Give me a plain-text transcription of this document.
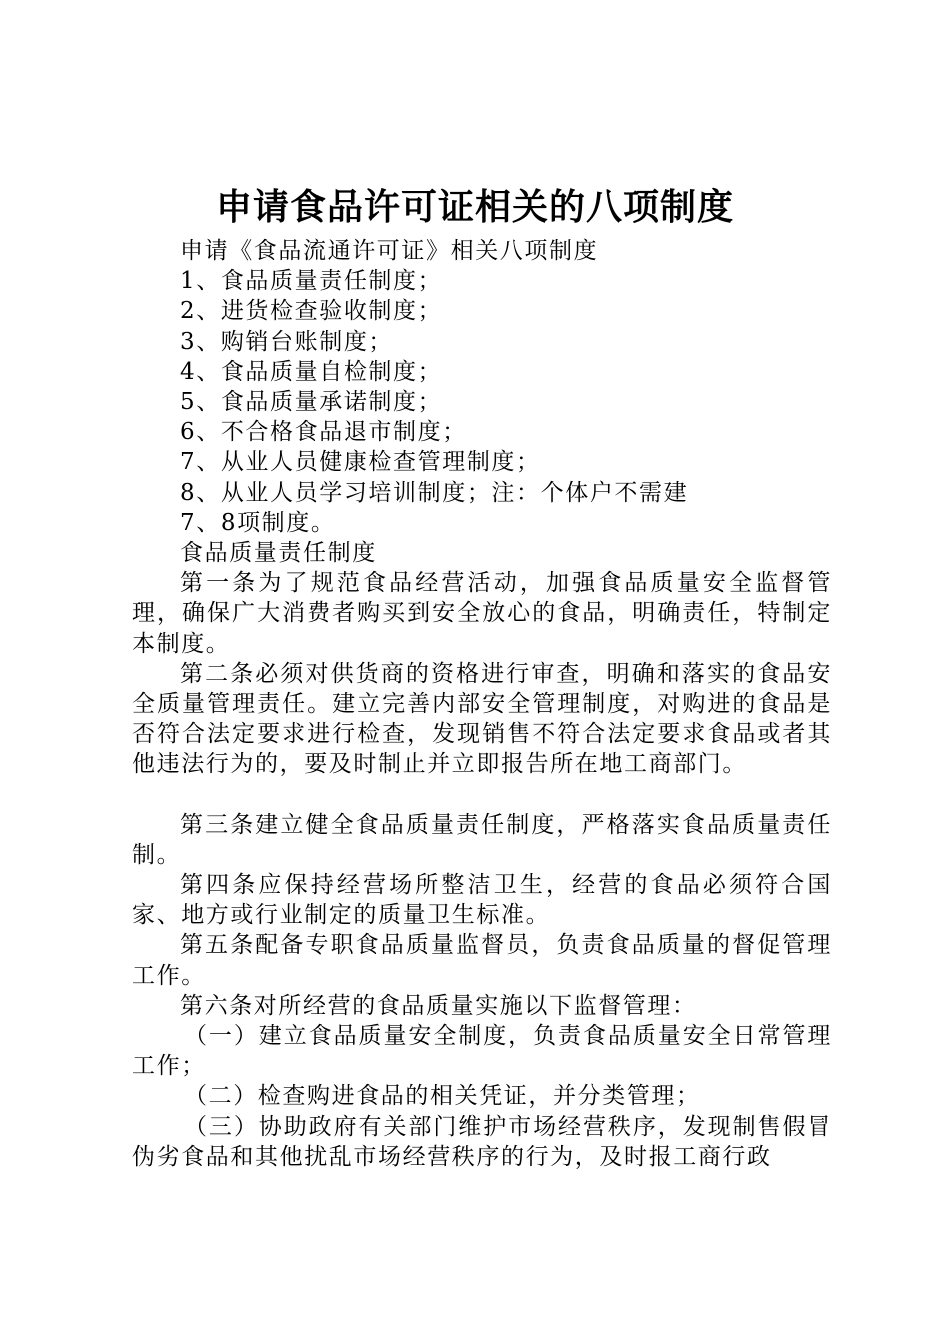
申请食品许可证相关的八项制度

申请《食品流通许可证》相关八项制度

1、食品质量责任制度；

2、进货检查验收制度；

3、购销台账制度；

4、食品质量自检制度；

5、食品质量承诺制度；

6、不合格食品退市制度；

7、从业人员健康检查管理制度；

8、从业人员学习培训制度；注：个体户不需建

7、8项制度。

食品质量责任制度

第一条为了规范食品经营活动，加强食品质量安全监督管理，确保广大消费者购买到安全放心的食品，明确责任，特制定本制度。

第二条必须对供货商的资格进行审查，明确和落实的食品安全质量管理责任。建立完善内部安全管理制度，对购进的食品是否符合法定要求进行检查，发现销售不符合法定要求食品或者其他违法行为的，要及时制止并立即报告所在地工商部门。

第三条建立健全食品质量责任制度，严格落实食品质量责任制。

第四条应保持经营场所整洁卫生，经营的食品必须符合国家、地方或行业制定的质量卫生标准。

第五条配备专职食品质量监督员，负责食品质量的督促管理工作。

第六条对所经营的食品质量实施以下监督管理：

（一）建立食品质量安全制度，负责食品质量安全日常管理工作；

（二）检查购进食品的相关凭证，并分类管理；

（三）协助政府有关部门维护市场经营秩序，发现制售假冒伪劣食品和其他扰乱市场经营秩序的行为，及时报工商行政
